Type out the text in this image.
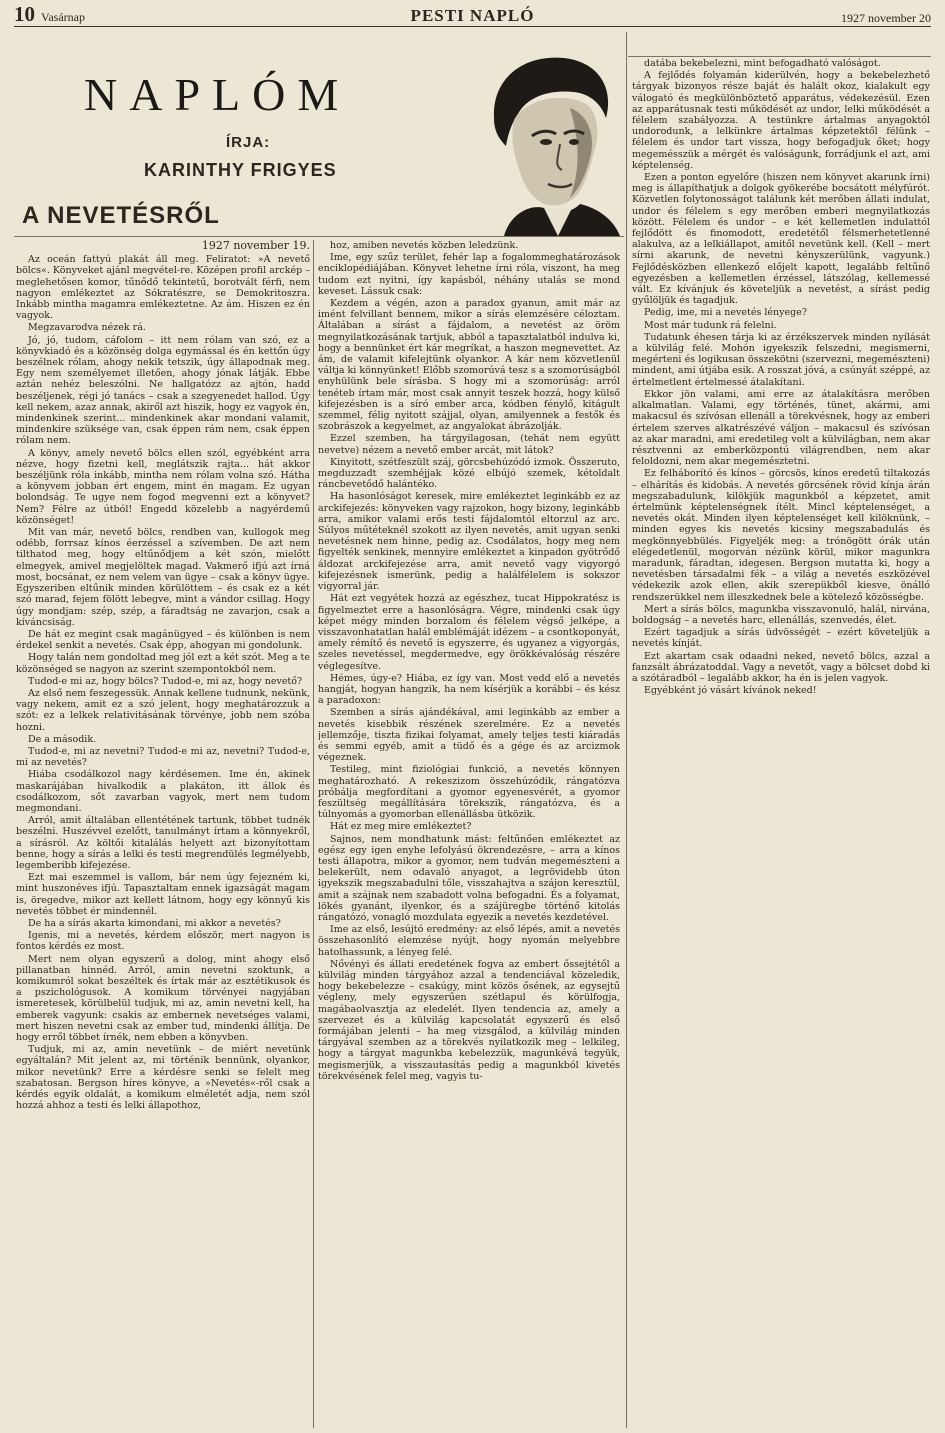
10 Vasárnap	PESTI NAPLÓ	1927 november 20
NAPLÓM
ÍRJA:
KARINTHY FRIGYES
A NEVETÉSRŐL

1927 november 19.

Az oceán fattyú plakát áll meg. Feliratot: »A nevető bölcs«. Könyveket ajánl megvétel-re. Középen profil arckép – meglehetősen komor, tűnődő tekintetű, borotvált férfi, nem nagyon emlékeztet az Sókratészre, se Demokritoszra. Inkább mintha magamra emlékeztetne. Az ám. Hiszen ez én vagyok.

Megzavarodva nézek rá.

Jó, jó, tudom, cáfolom – itt nem rólam van szó, ez a könyvkiadó és a közönség dolga egymással és én kettőn úgy beszélnek rólam, ahogy nekik tetszik, úgy állapodnak meg. Egy nem személyemet illetően, ahogy jónak látják. Ebbe aztán nehéz beleszólni. Ne hallgatózz az ajtón, hadd beszéljenek, régi jó tanács – csak a szegyenedet hallod. Úgy kell nekem, azaz annak, akiről azt hiszik, hogy ez vagyok én, mindenkinek szerint... mindenkinek akar mondani valamit, mindenkire szüksége van, csak éppen rám nem, csak éppen rólam nem.

A könyv, amely nevető bölcs ellen szól, egyébként arra nézve, hogy fizetni kell, meglátszik rajta... hát akkor beszéljünk róla inkább, mintha nem rólam volna szó. Hátha a könyvem jobban ért engem, mint én magam. Ez ugyan bolondság. Te ugye nem fogod megvenni ezt a könyvet? Nem? Félre az útból! Engedd közelebb a nagyérdemű közönséget!

Mit van már, nevető bölcs, rendben van, kullogok meg odébb, forrsaz kínos éerzéssel a szívemben. De azt nem tilthatod meg, hogy eltűnődjem a két szón, mielőtt elmegyek, amivel megjelöltek magad. Vakmerő ifjú azt írná most, bocsánat, ez nem velem van ügye – csak a könyv ügye. Egyszeriben eltűnik minden körülöttem – és csak ez a két szó marad, fejem fölött lebegve, mint a vándor csillag. Hogy úgy mondjam: szép, szép, a fáradtság ne zavarjon, csak a kíváncsiság.

De hát ez megint csak magánügyed – és különben is nem érdekel senkit a nevetés. Csak épp, ahogyan mi gondolunk.

Hogy talán nem gondoltad meg jól ezt a két szót. Meg a te közönséged se nagyon az szerint szempontokból nem.

Tudod-e mi az, hogy bölcs? Tudod-e, mi az, hogy nevető?

Az első nem feszegessük. Annak kellene tudnunk, nekünk, vagy nekem, amit ez a szó jelent, hogy meghatározzuk a szót: ez a lelkek relativitásának törvénye, jobb nem szóba hozni.

De a második.

Tudod-e, mi az nevetni? Tudod-e mi az, nevetni? Tudod-e, mi az nevetés?

Hiába csodálkozol nagy kérdésemen. Ime én, akinek maskarájában hivalkodik a plakáton, itt állok és csodálkozom, sőt zavarban vagyok, mert nem tudom megmondani.

Arról, amit általában ellentétének tartunk, többet tudnék beszélni. Huszévvel ezelőtt, tanulmányt írtam a könnyekről, a sírásról. Az költői kitalálás helyett azt bizonyítottam benne, hogy a sírás a lelki és testi megrendülés legmélyebb, legemberibb kifejezése.

Ezt mai eszemmel is vallom, bár nem úgy fejezném ki, mint huszonéves ifjú. Tapasztaltam ennek igazságát magam is, öregedve, mikor azt kellett látnom, hogy egy könnyű kis nevetés többet ér mindennél.

De ha a sírás akarta kimondani, mi akkor a nevetés?

Igenis, mi a nevetés, kérdem először, mert nagyon is fontos kérdés ez most.

Mert nem olyan egyszerű a dolog, mint ahogy első pillanatban hinnéd. Arról, amin nevetni szoktunk, a komikumról sokat beszéltek és írtak már az esztétikusok és a pszichológusok. A komikum törvényei nagyjában ismeretesek, körülbelül tudjuk, mi az, amin nevetni kell, ha emberek vagyunk: csakis az embernek nevetséges valami, mert hiszen nevetni csak az ember tud, mindenki állítja. De hogy erről többet írnék, nem ebben a könyvben.

Tudjuk, mi az, amin nevetünk – de miért nevetünk egyáltalán? Mit jelent az, mi történik bennünk, olyankor, mikor nevetünk? Erre a kérdésre senki se felelt meg szabatosan. Bergson híres könyve, a »Nevetés«-ről csak a kérdés egyik oldalát, a komikum elméletét adja, nem szól hozzá ahhoz a testi és lelki állapothoz,

hoz, amiben nevetés közben leledzünk.

Ime, egy szűz terület, fehér lap a fogalommeghatározások enciklopédiájában. Könyvet lehetne írni róla, viszont, ha meg tudom ezt nyitni, így kapásból, néhány utalás se mond keveset. Lássuk csak:

Kezdem a végén, azon a paradox gyanun, amit már az imént felvillant bennem, mikor a sírás elemzésére céloztam. Általában a sírást a fájdalom, a nevetést az öröm megnyilatkozásának tartjuk, abból a tapasztalatból indulva ki, hogy a bennünket ért kár megríkat, a haszon megnevettet. Az ám, de valamit kifelejtünk olyankor. A kár nem közvetlenül váltja ki könnyünket! Előbb szomorúvá tesz s a szomorúságból enyhülünk bele sírásba. S hogy mi a szomorúság: arról tenéteb írtam már, most csak annyit teszek hozzá, hogy külső kifejezésben is a síró ember arca, kódben fénylő, kitágult szemmel, félig nyitott szájjal, olyan, amilyennek a festők és szobrászok a kegyelmet, az angyalokat ábrázolják.

Ezzel szemben, ha tárgyilagosan, (tehát nem együtt nevetve) nézem a nevető ember arcát, mit látok?

Kinyitott, szétfeszült száj, görcsbehúzódó izmok. Összeruto, megduzzadt szemhéjjak közé elbújó szemek, kétoldalt ráncbevetődő halántéko.

Ha hasonlóságot keresek, mire emlékeztet leginkább ez az arckifejezés: könyveken vagy rajzokon, hogy bizony, leginkább arra, amikor valami erős testi fájdalomtól eltorzul az arc. Súlyos műtéteknél szokott az ilyen nevetés, amit ugyan senki nevetésnek nem hinne, pedig az. Csodálatos, hogy meg nem figyelték senkinek, mennyire emlékeztet a kinpadon gyötrődő áldozat arckifejezése arra, amit nevető vagy vigyorgó kifejezésnek ismerünk, pedig a halálfélelem is sokszor vigyorral jár.

Hát ezt vegyétek hozzá az egészhez, tucat Hippokratész is figyelmeztet erre a hasonlóságra. Végre, mindenki csak úgy képet mégy minden borzalom és félelem végső jelképe, a visszavonhatatlan halál emblémáját idézem – a csontkoponyát, amely rémítő és nevető is egyszerre, és ugyanez a vigyorgás, szeles nevetéssel, megdermedve, egy örökkévalóság részére véglegesítve.

Hémes, úgy-e? Hiába, ez így van. Most vedd elő a nevetés hangját, hogyan hangzik, ha nem kísérjük a korábbi – és kész a paradoxon:

Szemben a sírás ajándékával, ami leginkább az ember a nevetés kisebbik részének szerelmére. Ez a nevetés jellemzője, tiszta fizikai folyamat, amely teljes testi kiáradás és semmi egyéb, amit a tüdő és a gége és az arcizmok végeznek.

Testileg, mint fiziológiai funkció, a nevetés könnyen meghatározható. A rekeszizom összehúzódik, rángatózva próbálja megfordítani a gyomor egyenesvérét, a gyomor feszültség megállítására törekszik, rángatózva, és a túlnyomás a gyomorban ellenállásba ütközik.

Hát ez meg mire emlékeztet?

Sajnos, nem mondhatunk mást: feltűnően emlékeztet az egész egy igen enyhe lefolyású ökrendezésre, – arra a kínos testi állapotra, mikor a gyomor, nem tudván megemészteni a belekerült, nem odavaló anyagot, a legrövidebb úton igyekszik megszabadulni tőle, visszahajtva a szájon keresztül, amit a szájnak nem szabadott volna befogadni. És a folyamat, lökés gyanánt, ilyenkor, és a szájüregbe történő kitolás rángatózó, vonagló mozdulata egyezik a nevetés kezdetével.

Ime az első, lesújtó eredmény: az első lépés, amit a nevetés összehasonlító elemzése nyújt, hogy nyomán melyebbre hatolhassunk, a lényeg felé.

Nővényi és állati eredetének fogva az embert őssejtétől a külvilág minden tárgyához azzal a tendenciával közeledik, hogy bekebelezze – csakúgy, mint közös ősének, az egysejtű végleny, mely egyszerűen szétlapul és körülfogja, magábaolvasztja az eledelét. Ilyen tendencia az, amely a szervezet és a külvilág kapcsolatát egyszerű és első formájában jelenti – ha meg vizsgálod, a külvilág minden tárgyával szemben az a törekvés nyilatkozik meg – lelkileg, hogy a tárgyat magunkba kebelezzük, magunkévá tegyük, megismerjük, a visszautasítás pedig a magunkból kivetés törekvésének felel meg, vagyis tu-

datába bekebelezni, mint befogadható valóságot.

A fejlődés folyamán kiderülvén, hogy a bekebelezhető tárgyak bizonyos része baját és halált okoz, kialakult egy válogató és megkülönböztető apparátus, védekezésül. Ezen az apparátusnak testi működését az undor, lelki működését a félelem szabályozza. A testünkre ártalmas anyagoktól undorodunk, a lelkünkre ártalmas képzetektől félünk – félelem és undor tart vissza, hogy befogadjuk őket; hogy megemésszük a mérgét és valóságunk, forrádjunk el azt, ami képtelenség.

Ezen a ponton egyelőre (hiszen nem könyvet akarunk írni) meg is állapíthatjuk a dolgok gyökerébe bocsátott mélyfúrót. Közvetlen folytonosságot találunk két merőben állati indulat, undor és félelem s egy merőben emberi megnyilatkozás között. Félelem és undor – e két kellemetlen indulattól fejlődött és finomodott, eredetétől félsmerhetetlenné alakulva, az a lelkiállapot, amitől nevetünk kell. (Kell – mert sírni akarunk, de nevetni kényszerülünk, vagyunk.) Fejlődésközben ellenkező előjelt kapott, legalább feltűnő egyezésben a kellemetlen érzéssel, látszólag, kellemessé vált. Ez kívánjuk és követeljük a nevetést, a sírást pedig gyűlöljük és tagadjuk.

Pedig, ime, mi a nevetés lényege?

Most már tudunk rá felelni.

Tudatunk éhesen tárja ki az érzékszervek minden nyílását a külvilág felé. Mohón igyekszik felszedni, megismerni, megérteni és logikusan összekötni (szervezni, megemészteni) mindent, ami útjába esik. A rosszat jóvá, a csúnyát széppé, az értelmetlent értelmessé átalakítani.

Ekkor jön valami, ami erre az átalakításra merőben alkalmatlan. Valami, egy történés, tünet, akármi, ami makacsul és szívósan ellenáll a törekvésnek, hogy az emberi értelem szerves alkatrészévé váljon – makacsul és szívósan az akar maradni, ami eredetileg volt a külvilágban, nem akar résztvenni az emberközpontú világrendben, nem akar feloldozni, nem akar megemésztetni.

Ez felháborító és kínos – görcsös, kínos eredetű tiltakozás – elhárítás és kidobás. A nevetés görcsének rövid kínja árán megszabadulunk, kilökjük magunkból a képzetet, amit értelmünk képtelenségnek ítélt. Mincl képtelenséget, a nevetés okát. Minden ilyen képtelenséget kell kilöknünk, – minden egyes kis nevetés kicsiny megszabadulás és megkönnyebbülés. Figyeljék meg: a trónögött órák után elégedetlenül, mogorván nézünk körül, mikor magunkra maradunk, fáradtan, idegesen. Bergson mutatta ki, hogy a nevetésben társadalmi fék – a világ a nevetés eszközével védekezik azok ellen, akik szerepükből kiesve, önálló rendszerükkel nem illeszkednek bele a kötelező közösségbe.

Mert a sírás bölcs, magunkba visszavonuló, halál, nirvána, boldogság – a nevetés harc, ellenállás, szenvedés, élet.

Ezért tagadjuk a sírás üdvösségét – ezért követeljük a nevetés kínját.

Ezt akartam csak odaadni neked, nevető bölcs, azzal a fanzsált ábrázatoddal. Vagy a nevetőt, vagy a bölcset dobd ki a szótáradból – legalább akkor, ha én is jelen vagyok.

Egyébként jó vásárt kívánok neked!
